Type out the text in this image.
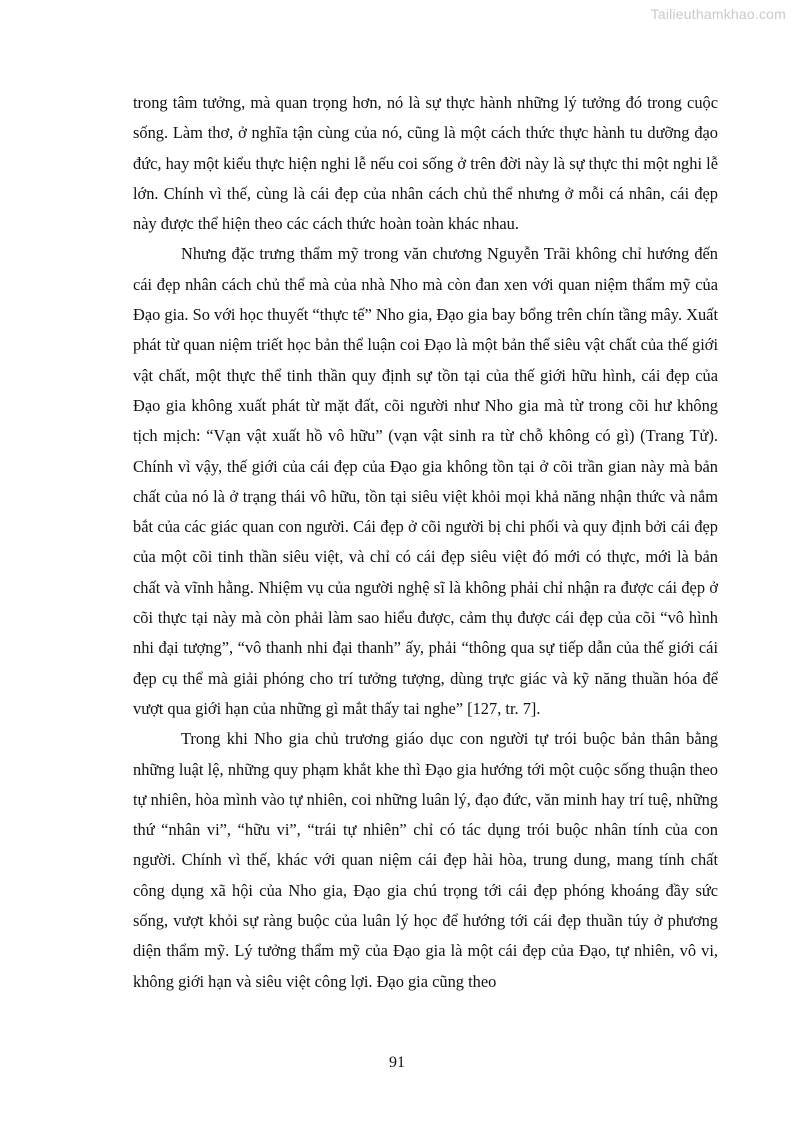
Tailieuthamkhao.com

trong tâm tưởng, mà quan trọng hơn, nó là sự thực hành những lý tưởng đó trong cuộc sống. Làm thơ, ở nghĩa tận cùng của nó, cũng là một cách thức thực hành tu dưỡng đạo đức, hay một kiểu thực hiện nghi lễ nếu coi sống ở trên đời này là sự thực thi một nghi lễ lớn. Chính vì thế, cùng là cái đẹp của nhân cách chủ thể nhưng ở mỗi cá nhân, cái đẹp này được thể hiện theo các cách thức hoàn toàn khác nhau.

Nhưng đặc trưng thẩm mỹ trong văn chương Nguyễn Trãi không chỉ hướng đến cái đẹp nhân cách chủ thể mà của nhà Nho mà còn đan xen với quan niệm thẩm mỹ của Đạo gia. So với học thuyết “thực tế” Nho gia, Đạo gia bay bổng trên chín tầng mây. Xuất phát từ quan niệm triết học bản thể luận coi Đạo là một bản thể siêu vật chất của thế giới vật chất, một thực thể tinh thần quy định sự tồn tại của thế giới hữu hình, cái đẹp của Đạo gia không xuất phát từ mặt đất, cõi người như Nho gia mà từ trong cõi hư không tịch mịch: “Vạn vật xuất hồ vô hữu” (vạn vật sinh ra từ chỗ không có gì) (Trang Tử). Chính vì vậy, thế giới của cái đẹp của Đạo gia không tồn tại ở cõi trần gian này mà bản chất của nó là ở trạng thái vô hữu, tồn tại siêu việt khỏi mọi khả năng nhận thức và nắm bắt của các giác quan con người. Cái đẹp ở cõi người bị chi phối và quy định bởi cái đẹp của một cõi tinh thần siêu việt, và chỉ có cái đẹp siêu việt đó mới có thực, mới là bản chất và vĩnh hằng. Nhiệm vụ của người nghệ sĩ là không phải chỉ nhận ra được cái đẹp ở cõi thực tại này mà còn phải làm sao hiểu được, cảm thụ được cái đẹp của cõi “vô hình nhi đại tượng”, “vô thanh nhi đại thanh” ấy, phải “thông qua sự tiếp dẫn của thế giới cái đẹp cụ thể mà giải phóng cho trí tưởng tượng, dùng trực giác và kỹ năng thuần hóa để vượt qua giới hạn của những gì mắt thấy tai nghe” [127, tr. 7].

Trong khi Nho gia chủ trương giáo dục con người tự trói buộc bản thân bằng những luật lệ, những quy phạm khắt khe thì Đạo gia hướng tới một cuộc sống thuận theo tự nhiên, hòa mình vào tự nhiên, coi những luân lý, đạo đức, văn minh hay trí tuệ, những thứ “nhân vi”, “hữu vi”, “trái tự nhiên” chỉ có tác dụng trói buộc nhân tính của con người. Chính vì thế, khác với quan niệm cái đẹp hài hòa, trung dung, mang tính chất công dụng xã hội của Nho gia, Đạo gia chú trọng tới cái đẹp phóng khoáng đầy sức sống, vượt khỏi sự ràng buộc của luân lý học để hướng tới cái đẹp thuần túy ở phương diện thẩm mỹ. Lý tưởng thẩm mỹ của Đạo gia là một cái đẹp của Đạo, tự nhiên, vô vi, không giới hạn và siêu việt công lợi. Đạo gia cũng theo

91
